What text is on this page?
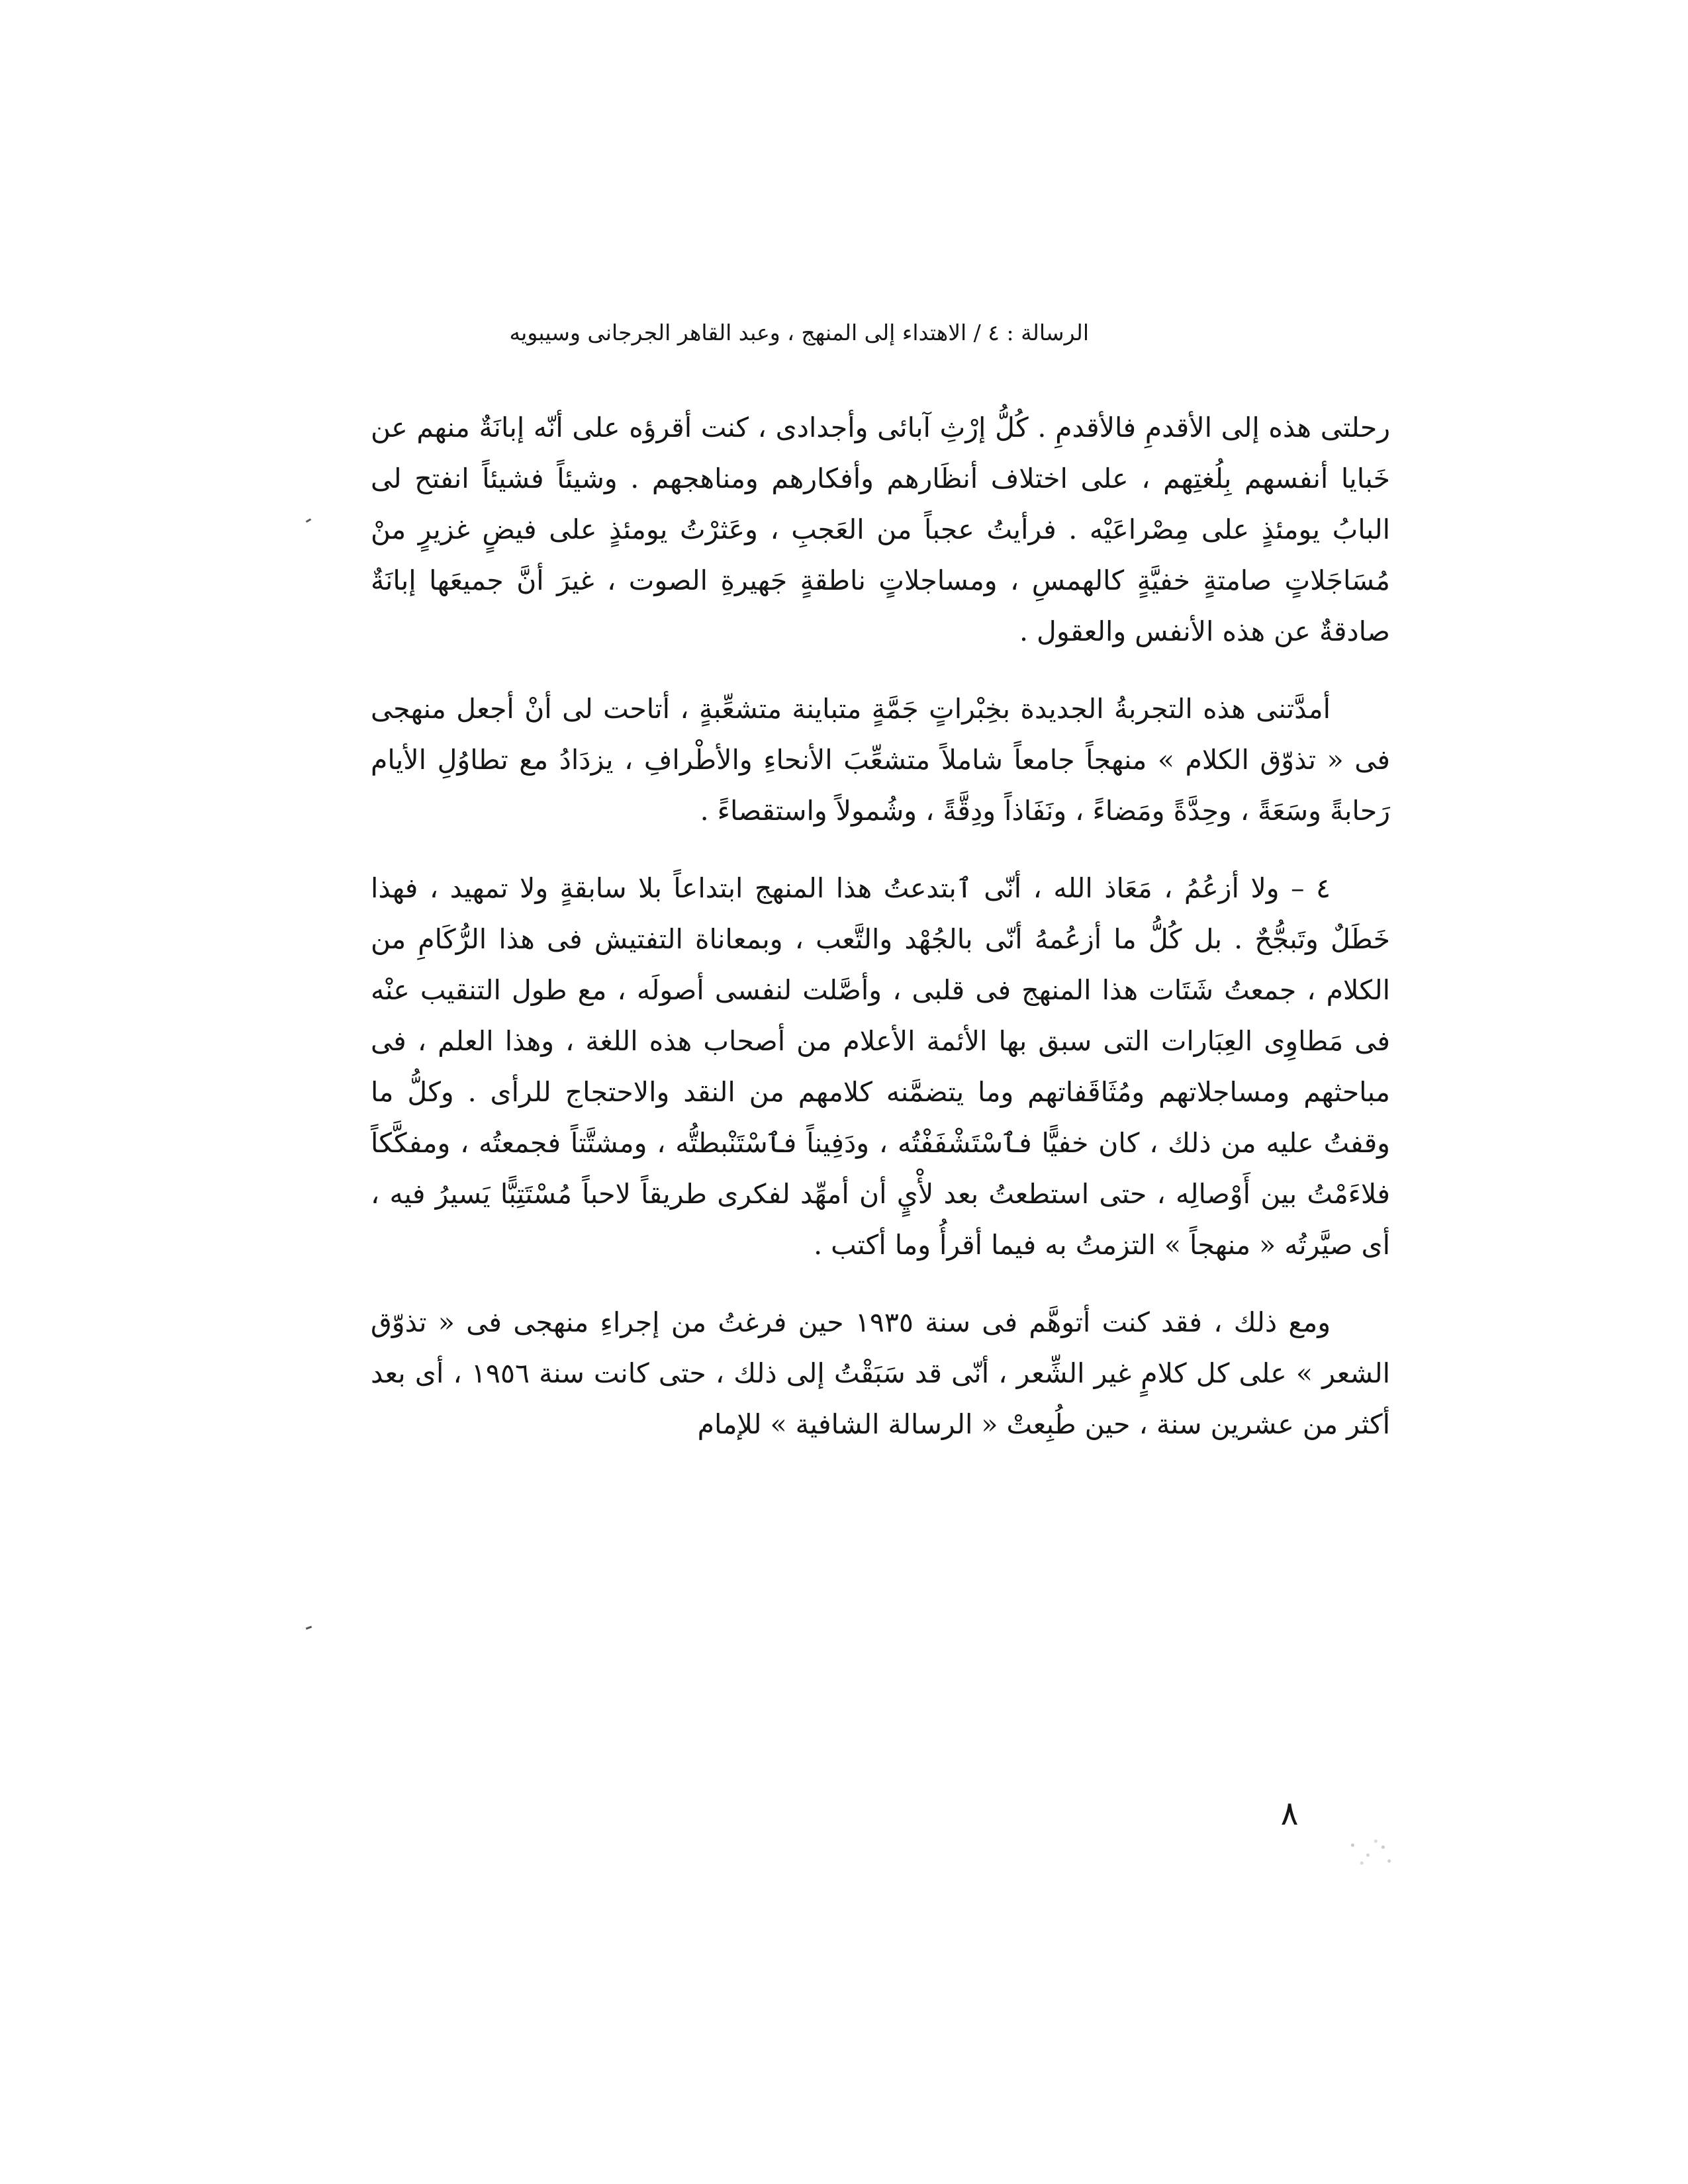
الرسالة : ٤ / الاهتداء إلى المنهج ، وعبد القاهر الجرجانى وسيبويه

رحلتى هذه إلى الأقدمِ فالأقدمِ . كُلُّ إرْثِ آبائى وأجدادى ، كنت أقرؤه على أنّه إبانَةٌ منهم عن خَبايا أنفسهم بِلُغتِهم ، على اختلاف أنظَارهم وأفكارهم ومناهجهم . وشيئاً فشيئاً انفتح لى البابُ يومئذٍ على مِصْراعَيْه . فرأيتُ عجباً من العَجبِ ، وعَثرْتُ يومئذٍ على فيضٍ غزيرٍ منْ مُسَاجَلاتٍ صامتةٍ خفيَّةٍ كالهمسِ ، ومساجلاتٍ ناطقةٍ جَهيرةِ الصوت ، غيرَ أنَّ جميعَها إبانَةٌ صادقةٌ عن هذه الأنفس والعقول .

أمدَّتنى هذه التجربةُ الجديدة بخِبْراتٍ جَمَّةٍ متباينة متشعِّبةٍ ، أتاحت لى أنْ أجعل منهجى فى « تذوّق الكلام » منهجاً جامعاً شاملاً متشعِّبَ الأنحاءِ والأطْرافِ ، يزدَادُ مع تطاوُلِ الأيام رَحابةً وسَعَةً ، وحِدَّةً ومَضاءً ، ونَفَاذاً ودِقَّةً ، وشُمولاً واستقصاءً .

٤ – ولا أزعُمُ ، مَعَاذ الله ، أنّى ٱبتدعتُ هذا المنهج ابتداعاً بلا سابقةٍ ولا تمهيد ، فهذا خَطَلٌ وتَبجُّحٌ . بل كُلُّ ما أزعُمهُ أنّى بالجُهْد والتَّعب ، وبمعاناة التفتيش فى هذا الرُّكَامِ من الكلام ، جمعتُ شَتَات هذا المنهج فى قلبى ، وأصَّلت لنفسى أصولَه ، مع طول التنقيب عنْه فى مَطاوِى العِبَارات التى سبق بها الأئمة الأعلام من أصحاب هذه اللغة ، وهذا العلم ، فى مباحثهم ومساجلاتهم ومُثَاقَفاتهم وما يتضمَّنه كلامهم من النقد والاحتجاج للرأى . وكلُّ ما وقفتُ عليه من ذلك ، كان خفيًّا فٱسْتَشْفَفْتُه ، ودَفِيناً فٱسْتَنْبطتُّه ، ومشتَّتاً فجمعتُه ، ومفكَّكاً فلاءَمْتُ بين أَوْصالِه ، حتى استطعتُ بعد لأْيٍ أن أمهِّد لفكرى طريقاً لاحباً مُسْتَتِبًّا يَسيرُ فيه ، أى صيَّرتُه « منهجاً » التزمتُ به فيما أقرأُ وما أكتب .

ومع ذلك ، فقد كنت أتوهَّم فى سنة ١٩٣٥ حين فرغتُ من إجراءِ منهجى فى « تذوّق الشعر » على كل كلامٍ غير الشِّعر ، أنّى قد سَبَقْتُ إلى ذلك ، حتى كانت سنة ١٩٥٦ ، أى بعد أكثر من عشرين سنة ، حين طُبِعتْ « الرسالة الشافية » للإمام

٨
